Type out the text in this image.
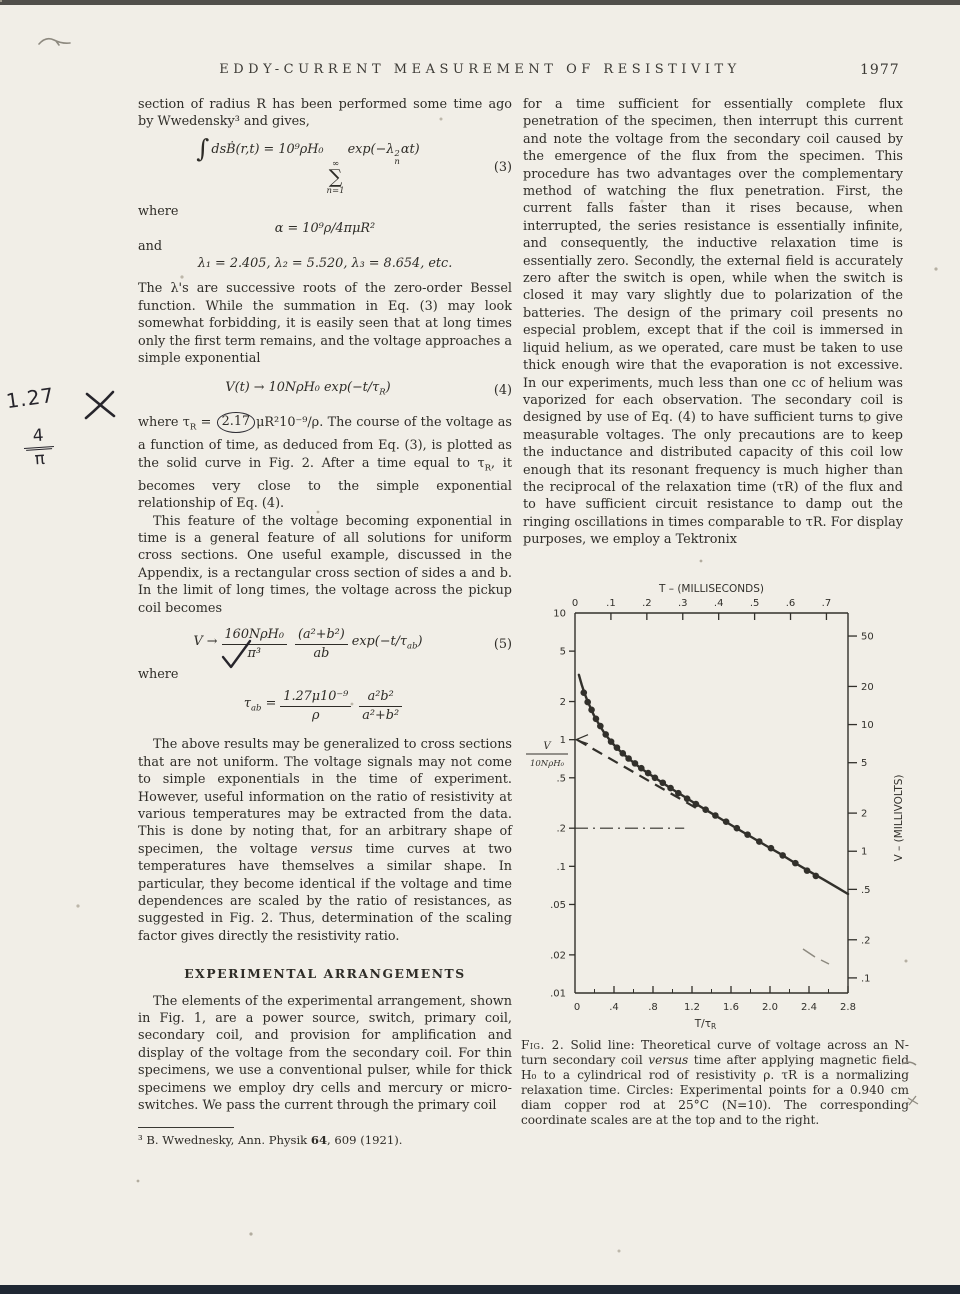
EDDY-CURRENT MEASUREMENT OF RESISTIVITY	1977

section of radius R has been performed some time ago by Wwedensky³ and gives,

∫ dsḂ(r,t) = 10⁹ρH₀
∞
∑
n=1
exp(−λ 2
n
αt)
(3)

where

α = 10⁹ρ/4πμR²

and

λ₁ = 2.405, λ₂ = 5.520, λ₃ = 8.654, etc.

The λ's are successive roots of the zero-order Bessel function. While the summation in Eq. (3) may look somewhat forbidding, it is easily seen that at long times only the first term remains, and the voltage approaches a simple exponential

V(t) → 10NρH₀ $\exp(-t/\tau_R)$	(4)

where $\tau_R = 2.17$ μR²10⁻⁹/ρ. The course of the voltage as a function of time, as deduced from Eq. (3), is plotted as the solid curve in Fig. 2. After a time equal to $\tau_R$, it becomes very close to the simple exponential relationship of Eq. (4).

This feature of the voltage becoming exponential in time is a general feature of all solutions for uniform cross sections. One useful example, discussed in the Appendix, is a rectangular cross section of sides a and b. In the limit of long times, the voltage across the pickup coil becomes

$V \to \frac{\text{160NρH₀}}{\text{π³}} \frac{\text{(a²+b²)}}{ab} \exp(-t/\tau_{ab})$	(5)

where

$\tau_{ab} = \frac{\text{1.27μ10⁻⁹}}{\rho} \frac{\text{a²b²}}{\text{a²+b²}}$

The above results may be generalized to cross sections that are not uniform. The voltage signals may not come to simple exponentials in the time of experiment. However, useful information on the ratio of resistivity at various temperatures may be extracted from the data. This is done by noting that, for an arbitrary shape of specimen, the voltage versus time curves at two temperatures have themselves a similar shape. In particular, they become identical if the voltage and time dependences are scaled by the ratio of resistances, as suggested in Fig. 2. Thus, determination of the scaling factor gives directly the resistivity ratio.

EXPERIMENTAL ARRANGEMENTS

The elements of the experimental arrangement, shown in Fig. 1, are a power source, switch, primary coil, secondary coil, and provision for amplification and display of the voltage from the secondary coil. For thin specimens, we use a conventional pulser, while for thick specimens we employ dry cells and mercury or micro-switches. We pass the current through the primary coil

³ B. Wwednesky, Ann. Physik 64, 609 (1921).

for a time sufficient for essentially complete flux penetration of the specimen, then interrupt this current and note the voltage from the secondary coil caused by the emergence of the flux from the specimen. This procedure has two advantages over the complementary method of watching the flux penetration. First, the current falls faster than it rises because, when interrupted, the series resistance is essentially infinite, and consequently, the inductive relaxation time is essentially zero. Secondly, the external field is accurately zero after the switch is open, while when the switch is closed it may vary slightly due to polarization of the batteries. The design of the primary coil presents no especial problem, except that if the coil is immersed in liquid helium, as we operated, care must be taken to use thick enough wire that the evaporation is not excessive. In our experiments, much less than one cc of helium was vaporized for each observation. The secondary coil is designed by use of Eq. (4) to have sufficient turns to give measurable voltages. The only precautions are to keep the inductance and distributed capacity of this coil low enough that its resonant frequency is much higher than the reciprocal of the relaxation time (τR) of the flux and to have sufficient circuit resistance to damp out the ringing oscillations in times comparable to τR. For display purposes, we employ a Tektronix

T – (MILLISECONDS)
0	.1	.2	.3	.4	.5	.6	.7
0	.4	.8	1.2 1.6 2.0 2.4 2.8
T/τR
10
5
2
1
.5
.2
.1
.05
.02
.01
V
10NρH₀
50
20
10
5
2
1
.5
.2
.1
V – (MILLIVOLTS)
Fig. 2. Solid line: Theoretical curve of voltage across an N-turn secondary coil versus time after applying magnetic field H₀ to a cylindrical rod of resistivity ρ. τR is a normalizing relaxation time. Circles: Experimental points for a 0.940 cm diam copper rod at 25°C (N=10). The corresponding coordinate scales are at the top and to the right.
1.27
4
π
